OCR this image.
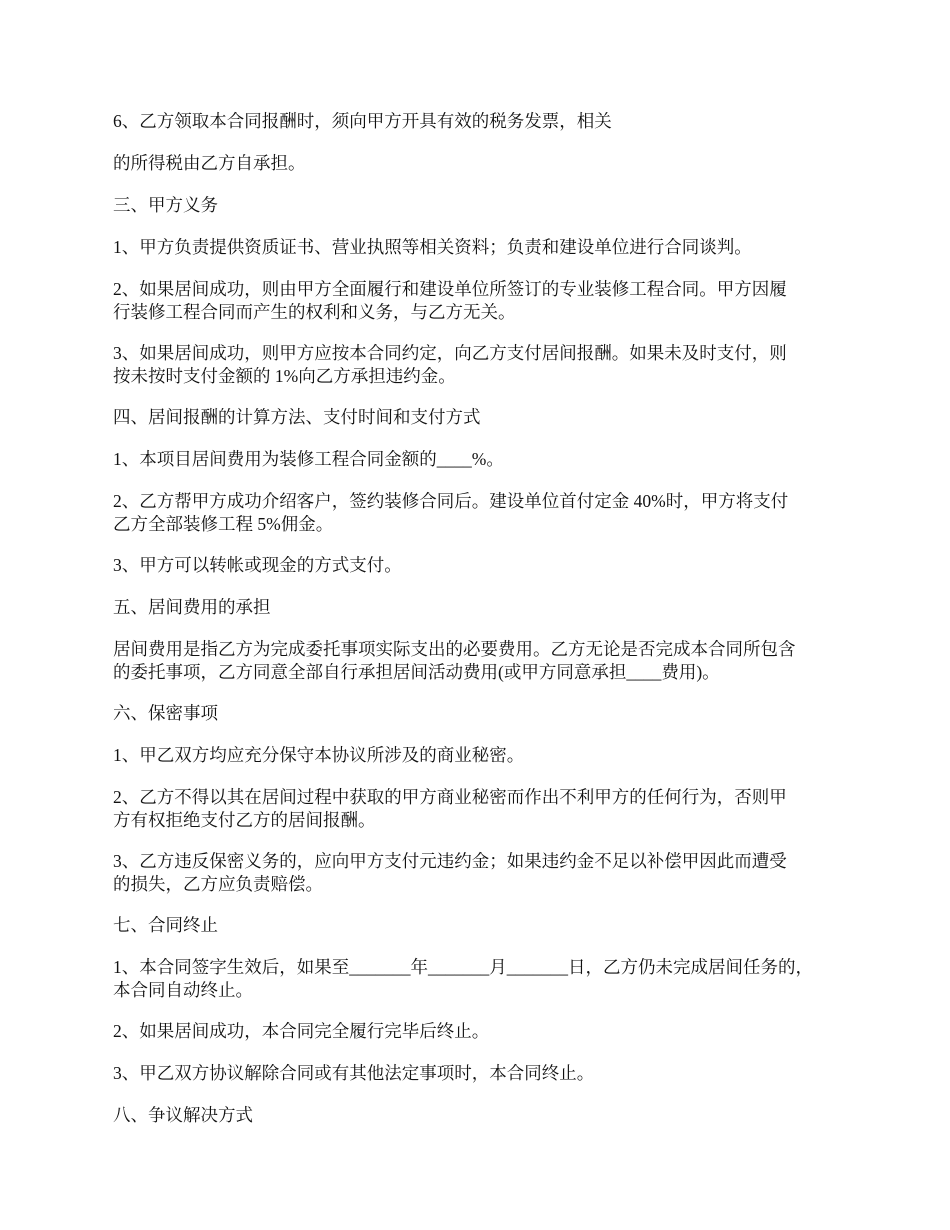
6、乙方领取本合同报酬时，须向甲方开具有效的税务发票，相关

的所得税由乙方自承担。

三、甲方义务

1、甲方负责提供资质证书、营业执照等相关资料；负责和建设单位进行合同谈判。

2、如果居间成功，则由甲方全面履行和建设单位所签订的专业装修工程合同。甲方因履
行装修工程合同而产生的权利和义务，与乙方无关。

3、如果居间成功，则甲方应按本合同约定，向乙方支付居间报酬。如果未及时支付，则
按未按时支付金额的 1%向乙方承担违约金。

四、居间报酬的计算方法、支付时间和支付方式

1、本项目居间费用为装修工程合同金额的____%。

2、乙方帮甲方成功介绍客户，签约装修合同后。建设单位首付定金 40%时，甲方将支付
乙方全部装修工程 5%佣金。

3、甲方可以转帐或现金的方式支付。

五、居间费用的承担

居间费用是指乙方为完成委托事项实际支出的必要费用。乙方无论是否完成本合同所包含
的委托事项，乙方同意全部自行承担居间活动费用(或甲方同意承担____费用)。

六、保密事项

1、甲乙双方均应充分保守本协议所涉及的商业秘密。

2、乙方不得以其在居间过程中获取的甲方商业秘密而作出不利甲方的任何行为，否则甲
方有权拒绝支付乙方的居间报酬。

3、乙方违反保密义务的，应向甲方支付元违约金；如果违约金不足以补偿甲因此而遭受
的损失，乙方应负责赔偿。

七、合同终止

1、本合同签字生效后，如果至_______年_______月_______日，乙方仍未完成居间任务的，
本合同自动终止。

2、如果居间成功，本合同完全履行完毕后终止。

3、甲乙双方协议解除合同或有其他法定事项时，本合同终止。

八、争议解决方式
